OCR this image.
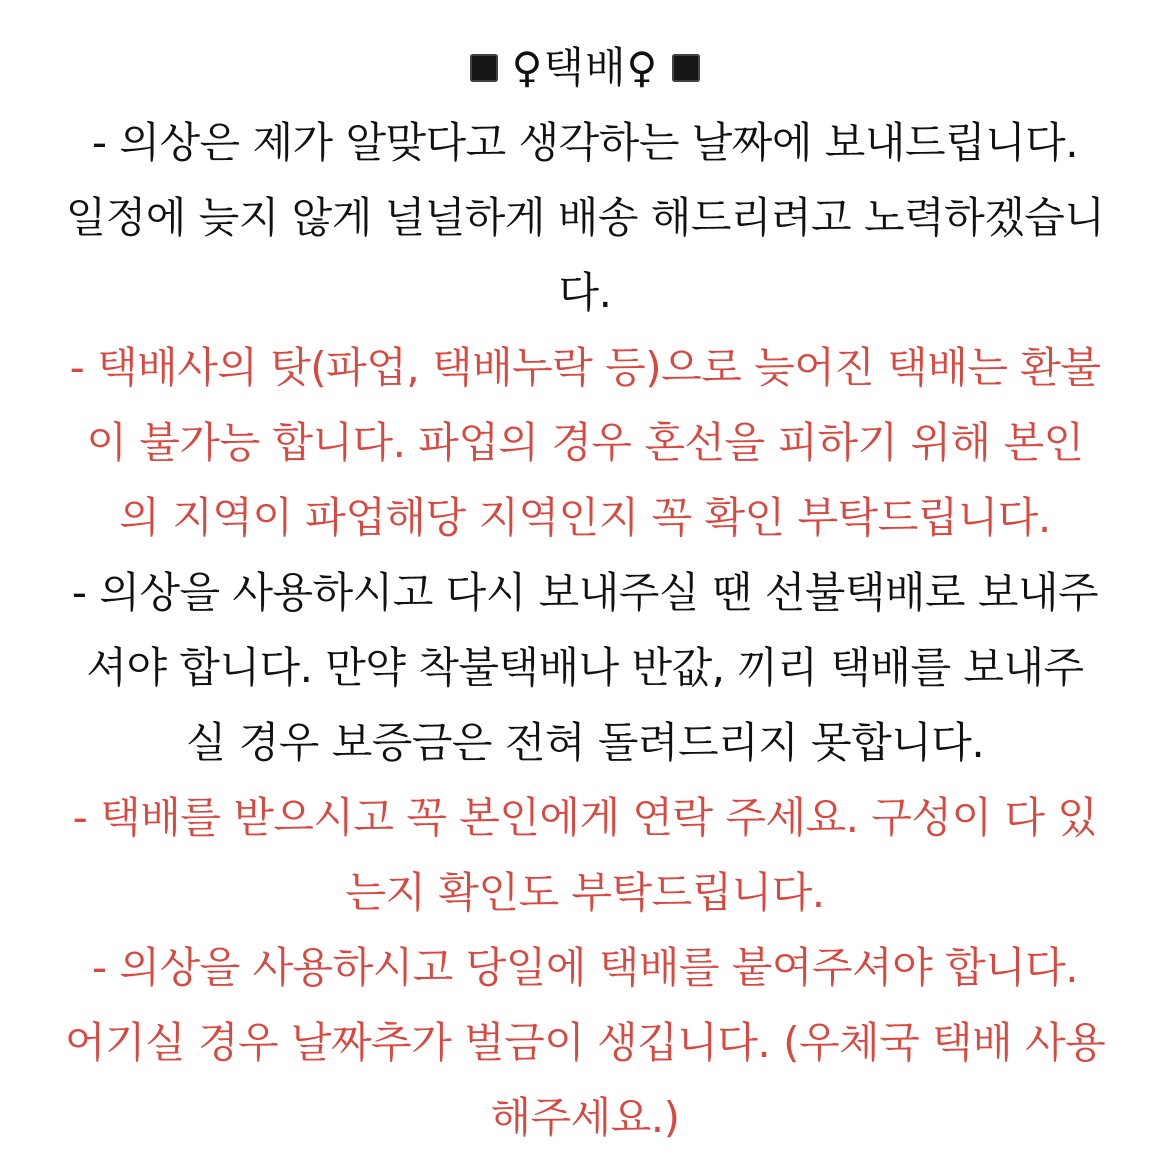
♀택배♀
- 의상은 제가 알맞다고 생각하는 날짜에 보내드립니다.
일정에 늦지 않게 널널하게 배송 해드리려고 노력하겠습니
다.
- 택배사의 탓(파업, 택배누락 등)으로 늦어진 택배는 환불
이 불가능 합니다. 파업의 경우 혼선을 피하기 위해 본인
의 지역이 파업해당 지역인지 꼭 확인 부탁드립니다.
- 의상을 사용하시고 다시 보내주실 땐 선불택배로 보내주
셔야 합니다. 만약 착불택배나 반값, 끼리 택배를 보내주
실 경우 보증금은 전혀 돌려드리지 못합니다.
- 택배를 받으시고 꼭 본인에게 연락 주세요. 구성이 다 있
는지 확인도 부탁드립니다.
- 의상을 사용하시고 당일에 택배를 붙여주셔야 합니다.
어기실 경우 날짜추가 벌금이 생깁니다. (우체국 택배 사용
해주세요.)
